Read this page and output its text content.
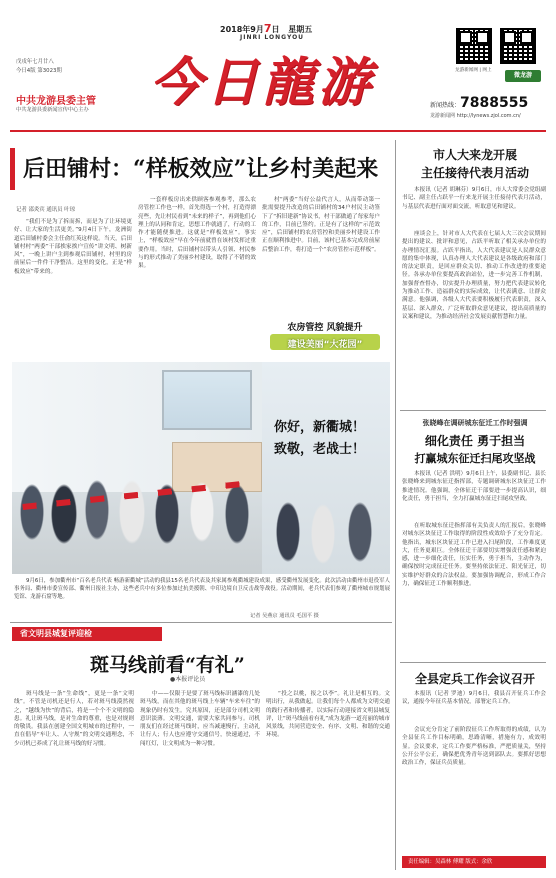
2018年9月7日 星期五
JINRI LONGYOU
今日龍游
戊戌年七月廿八
今日4版 第3023期
中共龙游县委主管
中共龙游县委新闻宣传中心主办
龙游新闻网 | 网上
微龙游
新闻热线：7888555
龙游新闻网 http://lynews.zjol.com.cn/
后田铺村：“样板效应”让乡村美起来
记者 邵炎宾 通讯员 叶琼
“我们不是为了拆而拆，而是为了让环境更好、让大家的生活更美。”9月4日下午，龙洲街道后田铺村委会主任俞红英这样说。当天，后田铺村村“两委”干部挨家挨户宣传“讲文明、树新风”，一晚上讲户主到参观后田铺村，村里的房前屋后一件件干净整洁。这里的变化，正是“样板效应”带来的。
一套样板房出来供顾客参观参考，那么农房管控工作也一样，首先得选一个村，打造得漂亮些，先让村民看到“未来的样子”，再到他们心理上的认同和肯定，思想工作就通了，行动的工作才能随便推进。这就是“样板效应”。事实上，“样板效应”早在今年前就曾在该村发挥过重要作用。当时，后田铺村以带头人引领、村民参与的形式推动了美丽乡村建设，取得了不错的效果。
村“两委”当好公益代言人，从而带动第一批需要提升改造的后田铺村的34户村民主动签下了“拆旧建新”协议书，村干部做通了每家每户的工作，目前已签约。正是有了这样的“示范效应”，后田铺村的农房管控和美丽乡村建设工作正在顺利推进中。目前，该村已基本完成房前屋后整治工作，将打造一个“农房管控示范样板”。
农房管控 风貌提升
建设美丽“大花园”
你好，新衢城！
致敬，老战士！
9月6日，参加衢州市“百名老兵代表 畅游新衢城”活动的我县15名老兵代表及其家属参观衢城建设成果，感受衢州发展变化。此次活动由衢州市退役军人事务局、衢州市委宣传部、衢州日报社主办，这些老兵中有多位参加过抗美援朝、中印边境自卫反击战等战役。活动期间，老兵代表们参观了衢州城市规划展览馆、龙游石窟等地。
记者 吴燕京 通讯员 毛国平 摄
省文明县城复评迎检
斑马线前看“有礼”
●本报评论员
斑马线是一条“生命线”，更是一条“文明线”。不管是司机还是行人，若对斑马线漠然视之，“越线为快”的背后，将是一个个不文明的隐患。礼让斑马线，是对生命的尊重，也是对规则的敬畏。我县在创建全国文明城市的过程中，一直在倡导“车让人、人守规”的文明交通理念，不少司机已养成了礼让斑马线的好习惯。
中——仅限于是要了斑马线标识涵漆的几处斑马线，而在其他的斑马线上车辆“车来车往”的现象仍时有发生。究其原因，还是部分司机文明意识淡薄。文明交通，需要大家共同参与。司机朋友们在经过斑马线时，应当减速慢行，主动礼让行人；行人也应遵守交通信号，快速通过，不闯红灯，让文明成为一种习惯。
“投之以桃，报之以李”。礼让是相互的。文明出行，从我做起。让我们每个人都成为文明交通的践行者和传播者，以实际行动迎接省文明县城复评，让“斑马线前看有礼”成为龙游一道亮丽的城市风景线，共同营造安全、有序、文明、和谐的交通环境。
市人大来龙开展
主任接待代表月活动
本报讯（记者 胡琳芬）9月6日，市人大常委会党组副书记、副主任占跃平一行来龙开展主任接待代表月活动，与基层代表进行面对面交流，听取意见和建议。
座谈会上，针对市人大代表在七届人大三次会议期间提出的建议、批评和意见，占跃平听取了相关承办单位的办理情况汇报。占跃平指出，人大代表建议是人民群众意愿的集中体现，认真办理人大代表建议是各级政府和部门的法定职责，是回应群众关切、推动工作改进的重要途径。各承办单位要提高政治站位，进一步完善工作机制，加强督查督办，切实提升办理质量，努力把代表建议转化为推动工作、造福群众的实际成效，让代表满意、让群众满意。他强调，各级人大代表要积极履行代表职责，深入基层、深入群众，广泛听取群众意见建议，提出高质量的议案和建议，为推动经济社会发展贡献智慧和力量。
张晓峰在调研城东征迁工作时强调
细化责任 勇于担当
打赢城东征迁扫尾攻坚战
本报讯（记者 洪明）9月6日上午，县委副书记、县长张晓峰来到城东征迁指挥部，专题调研城东区块征迁工作推进情况。他强调，全体征迁干部要进一步提高认识，细化责任，勇于担当，全力打赢城东征迁扫尾攻坚战。
在听取城东征迁指挥部有关负责人的汇报后，张晓峰对城东区块征迁工作取得的阶段性成效给予了充分肯定。他指出，城东区块征迁工作已进入扫尾阶段，工作难度更大，任务更艰巨。全体征迁干部要切实增强责任感和紧迫感，进一步细化责任，压实任务，勇于担当，主动作为，确保按时完成征迁任务。要坚持依法征迁、阳光征迁，切实维护好群众的合法权益。要加强协调配合，形成工作合力，确保征迁工作顺利推进。
全县定兵工作会议召开
本报讯（记者 罗迪）9月6日，我县召开征兵工作会议，通报今年征兵基本情况，部署定兵工作。
会议充分肯定了前阶段征兵工作所取得的成绩，认为全县征兵工作目标明确，思路清晰，措施有力，成效明显。会议要求，定兵工作要严格标准，严把质量关，坚持公开公平公正，确保把优秀青年送到部队去。要抓好思想政治工作，保证兵员质量。
责任编辑：吴森林 傅耀 版式：余欣
